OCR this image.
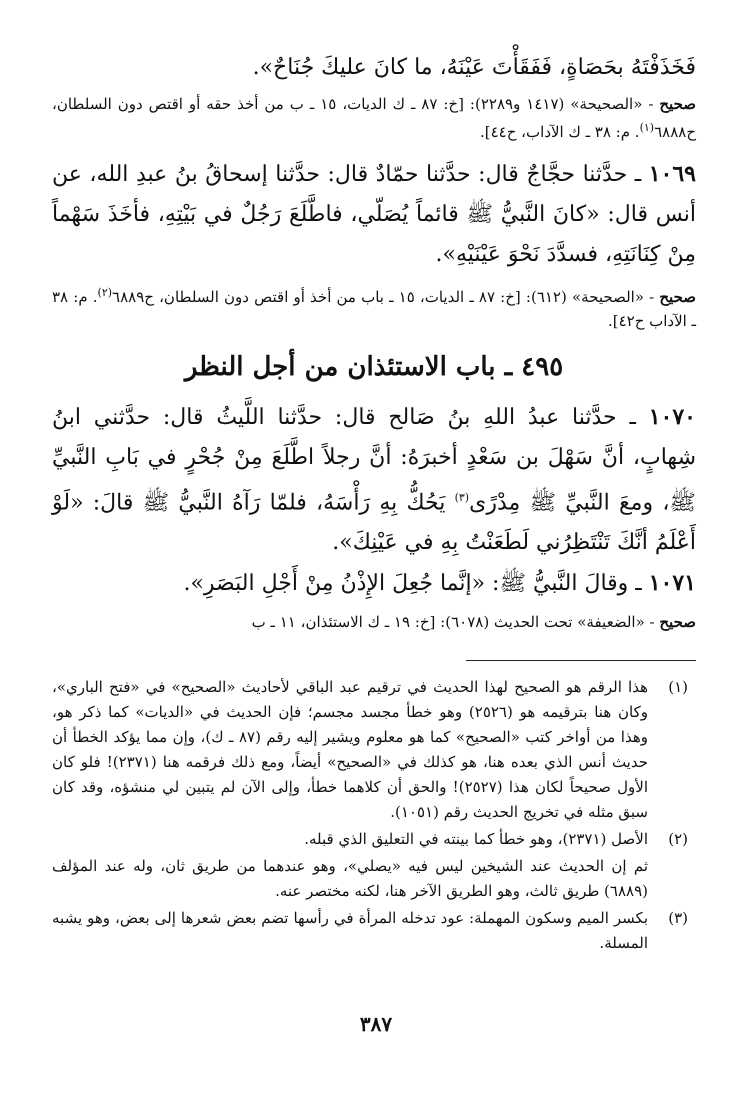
فَخَذَفْتَهُ بحَصَاةٍ، فَفَقَأْتَ عَيْنَهُ، ما كانَ عليكَ جُنَاحٌ».

صحيح - «الصحيحة» (١٤١٧ و٢٢٨٩): [خ: ٨٧ ـ ك الديات، ١٥ ـ ب من أخذ حقه أو اقتص دون السلطان، ح٦٨٨٨$^{(١)}$. م: ٣٨ ـ ك الآداب، ح٤٤].

١٠٦٩ ـ حدَّثنا حجَّاجٌ قال: حدَّثنا حمّادٌ قال: حدَّثنا إسحاقُ بنُ عبدِ الله، عن أنس قال: «كانَ النَّبيُّ ﷺ قائماً يُصَلّي، فاطَّلَعَ رَجُلٌ في بَيْتِهِ، فأخَذَ سَهْماً مِنْ كِنَانَتِهِ، فسدَّدَ نَحْوَ عَيْنَيْهِ».

صحيح - «الصحيحة» (٦١٢): [خ: ٨٧ ـ الديات، ١٥ ـ باب من أخذ أو اقتص دون السلطان، ح٦٨٨٩$^{(٢)}$. م: ٣٨ ـ الآداب ح٤٢].

٤٩٥ ـ باب الاستئذان من أجل النظر

١٠٧٠ ـ حدَّثنا عبدُ اللهِ بنُ صَالح قال: حدَّثنا اللَّيثُ قال: حدَّثني ابنُ شِهابٍ، أنَّ سَهْلَ بن سَعْدٍ أخبرَهُ: أنَّ رجلاً اطَّلَعَ مِنْ جُحْرٍ في بَابِ النَّبيِّ ﷺ، ومعَ النَّبيِّ ﷺ مِدْرًى$^{(٣)}$ يَحُكُّ بِهِ رَأْسَهُ، فلمّا رَآهُ النَّبيُّ ﷺ قالَ: «لَوْ أَعْلَمُ أنَّكَ تَنْتَظِرُني لَطَعَنْتُ بِهِ في عَيْنِكَ».

١٠٧١ ـ وقالَ النَّبيُّ ﷺ: «إنَّما جُعِلَ الإِذْنُ مِنْ أَجْلِ البَصَرِ».

صحيح - «الضعيفة» تحت الحديث (٦٠٧٨): [خ: ١٩ ـ ك الاستئذان، ١١ ـ ب

(١)
هذا الرقم هو الصحيح لهذا الحديث في ترقيم عبد الباقي لأحاديث «الصحيح» في «فتح الباري»، وكان هنا بترقيمه هو (٢٥٢٦) وهو خطأ مجسد مجسم؛ فإن الحديث في «الديات» كما ذكر هو، وهذا من أواخر كتب «الصحيح» كما هو معلوم ويشير إليه رقم (٨٧ ـ ك)، وإن مما يؤكد الخطأ أن حديث أنس الذي بعده هنا، هو كذلك في «الصحيح» أيضاً، ومع ذلك فرقمه هنا (٢٣٧١)! فلو كان الأول صحيحاً لكان هذا (٢٥٢٧)! والحق أن كلاهما خطأ، وإلى الآن لم يتبين لي منشؤه، وقد كان سبق مثله في تخريج الحديث رقم (١٠٥١).
(٢)
الأصل (٢٣٧١)، وهو خطأ كما بينته في التعليق الذي قبله.

ثم إن الحديث عند الشيخين ليس فيه «يصلي»، وهو عندهما من طريق ثان، وله عند المؤلف (٦٨٨٩) طريق ثالث، وهو الطريق الآخر هنا، لكنه مختصر عنه.

(٣)
بكسر الميم وسكون المهملة: عود تدخله المرأة في رأسها تضم بعض شعرها إلى بعض، وهو يشبه المسلة.
٣٨٧
